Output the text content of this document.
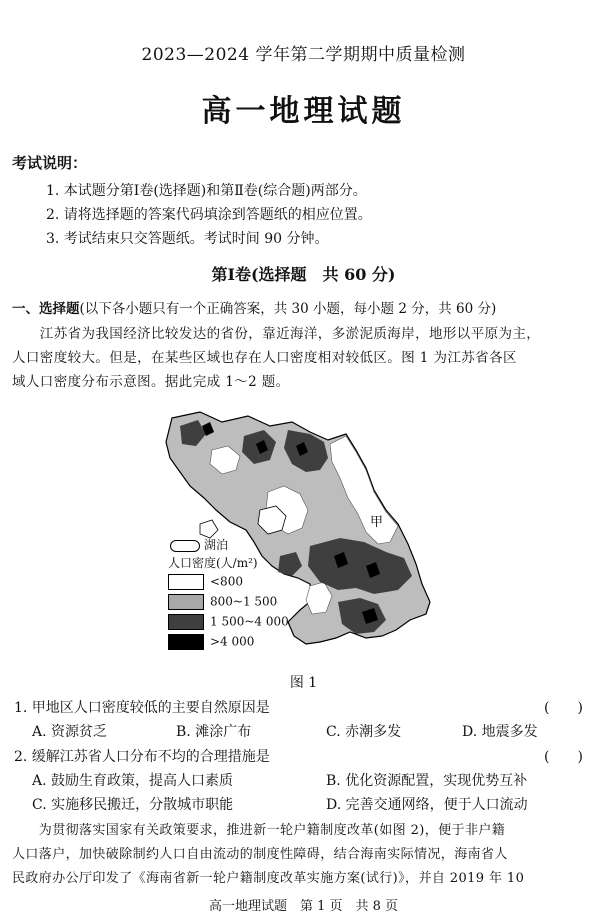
2023—2024 学年第二学期期中质量检测
高一地理试题
考试说明：
1. 本试题分第Ⅰ卷(选择题)和第Ⅱ卷(综合题)两部分。
2. 请将选择题的答案代码填涂到答题纸的相应位置。
3. 考试结束只交答题纸。考试时间 90 分钟。
第Ⅰ卷(选择题　共 60 分)
一、选择题(以下各小题只有一个正确答案，共 30 小题，每小题 2 分，共 60 分)
　　江苏省为我国经济比较发达的省份，靠近海洋，多淤泥质海岸，地形以平原为主，
人口密度较大。但是，在某些区域也存在人口密度相对较低区。图 1 为江苏省各区
域人口密度分布示意图。据此完成 1～2 题。
甲
湖泊
人口密度(人/m²)
<800
800~1 500
1 500~4 000
>4 000
图 1
1. 甲地区人口密度较低的主要自然原因是	(　　)
A. 资源贫乏	B. 滩涂广布	C. 赤潮多发	D. 地震多发
2. 缓解江苏省人口分布不均的合理措施是	(　　)
A. 鼓励生育政策，提高人口素质	B. 优化资源配置，实现优势互补
C. 实施移民搬迁，分散城市职能	D. 完善交通网络，便于人口流动
　　为贯彻落实国家有关政策要求，推进新一轮户籍制度改革(如图 2)，便于非户籍
人口落户，加快破除制约人口自由流动的制度性障碍，结合海南实际情况，海南省人
民政府办公厅印发了《海南省新一轮户籍制度改革实施方案(试行)》，并自 2019 年 10
高一地理试题　第 1 页　共 8 页
